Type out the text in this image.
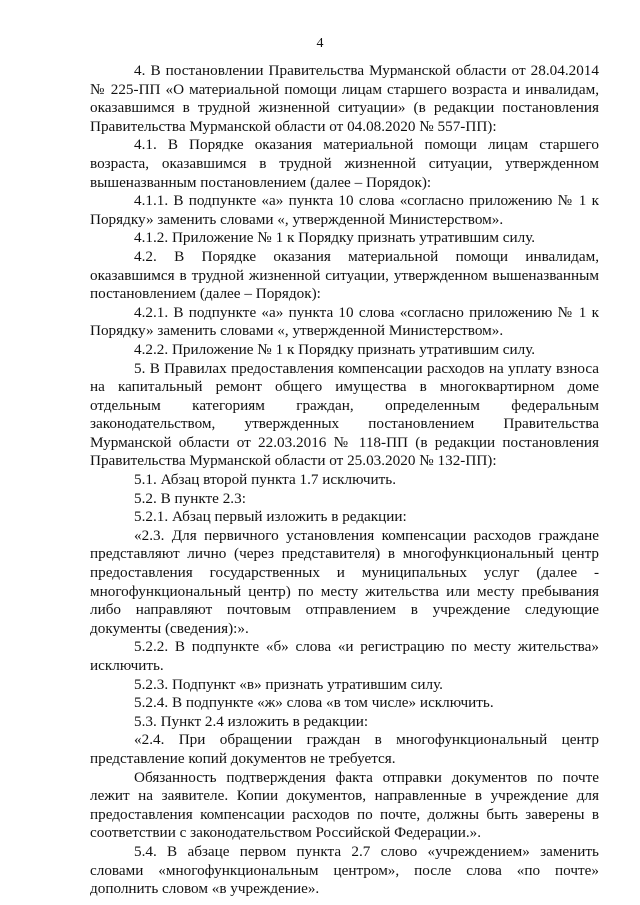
4

4. В постановлении Правительства Мурманской области от 28.04.2014 № 225-ПП «О материальной помощи лицам старшего возраста и инвалидам, оказавшимся в трудной жизненной ситуации» (в редакции постановления Правительства Мурманской области от 04.08.2020 № 557-ПП):

4.1. В Порядке оказания материальной помощи лицам старшего возраста, оказавшимся в трудной жизненной ситуации, утвержденном вышеназванным постановлением (далее – Порядок):

4.1.1. В подпункте «а» пункта 10 слова «согласно приложению № 1 к Порядку» заменить словами «, утвержденной Министерством».

4.1.2. Приложение № 1 к Порядку признать утратившим силу.

4.2. В Порядке оказания материальной помощи инвалидам, оказавшимся в трудной жизненной ситуации, утвержденном вышеназванным постановлением (далее – Порядок):

4.2.1. В подпункте «а» пункта 10 слова «согласно приложению № 1 к Порядку» заменить словами «, утвержденной Министерством».

4.2.2. Приложение № 1 к Порядку признать утратившим силу.

5. В Правилах предоставления компенсации расходов на уплату взноса на капитальный ремонт общего имущества в многоквартирном доме отдельным категориям граждан, определенным федеральным законодательством, утвержденных постановлением Правительства Мурманской области от 22.03.2016 № 118-ПП (в редакции постановления Правительства Мурманской области от 25.03.2020 № 132-ПП):

5.1. Абзац второй пункта 1.7 исключить.

5.2. В пункте 2.3:

5.2.1. Абзац первый изложить в редакции:

«2.3. Для первичного установления компенсации расходов граждане представляют лично (через представителя) в многофункциональный центр предоставления государственных и муниципальных услуг (далее - многофункциональный центр) по месту жительства или месту пребывания либо направляют почтовым отправлением в учреждение следующие документы (сведения):».

5.2.2. В подпункте «б» слова «и регистрацию по месту жительства» исключить.

5.2.3. Подпункт «в» признать утратившим силу.

5.2.4. В подпункте «ж» слова «в том числе» исключить.

5.3. Пункт 2.4 изложить в редакции:

«2.4. При обращении граждан в многофункциональный центр представление копий документов не требуется.

Обязанность подтверждения факта отправки документов по почте лежит на заявителе. Копии документов, направленные в учреждение для предоставления компенсации расходов по почте, должны быть заверены в соответствии с законодательством Российской Федерации.».

5.4. В абзаце первом пункта 2.7 слово «учреждением» заменить словами «многофункциональным центром», после слова «по почте» дополнить словом «в учреждение».
